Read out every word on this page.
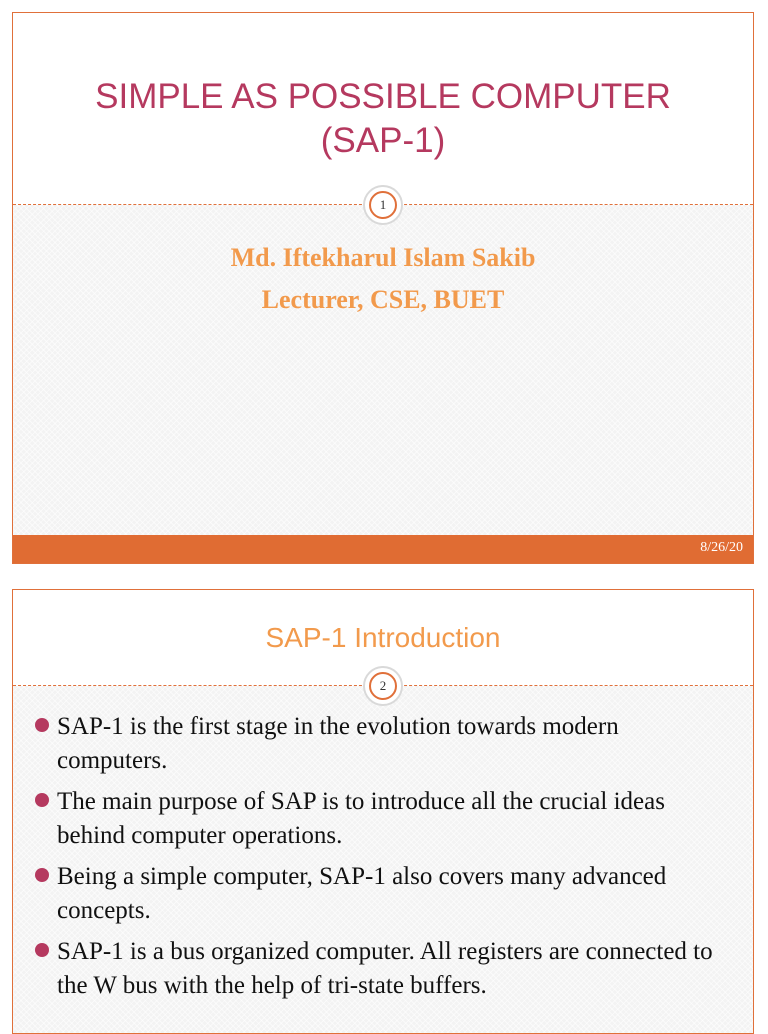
SIMPLE AS POSSIBLE COMPUTER
(SAP-1)
1
Md. Iftekharul Islam Sakib
Lecturer, CSE, BUET
8/26/20
SAP-1 Introduction
2
SAP-1 is the first stage in the evolution towards modern computers.
The main purpose of SAP is to introduce all the crucial ideas behind computer operations.
Being a simple computer, SAP-1 also covers many advanced concepts.
SAP-1 is a bus organized computer. All registers are connected to the W bus with the help of tri-state buffers.
